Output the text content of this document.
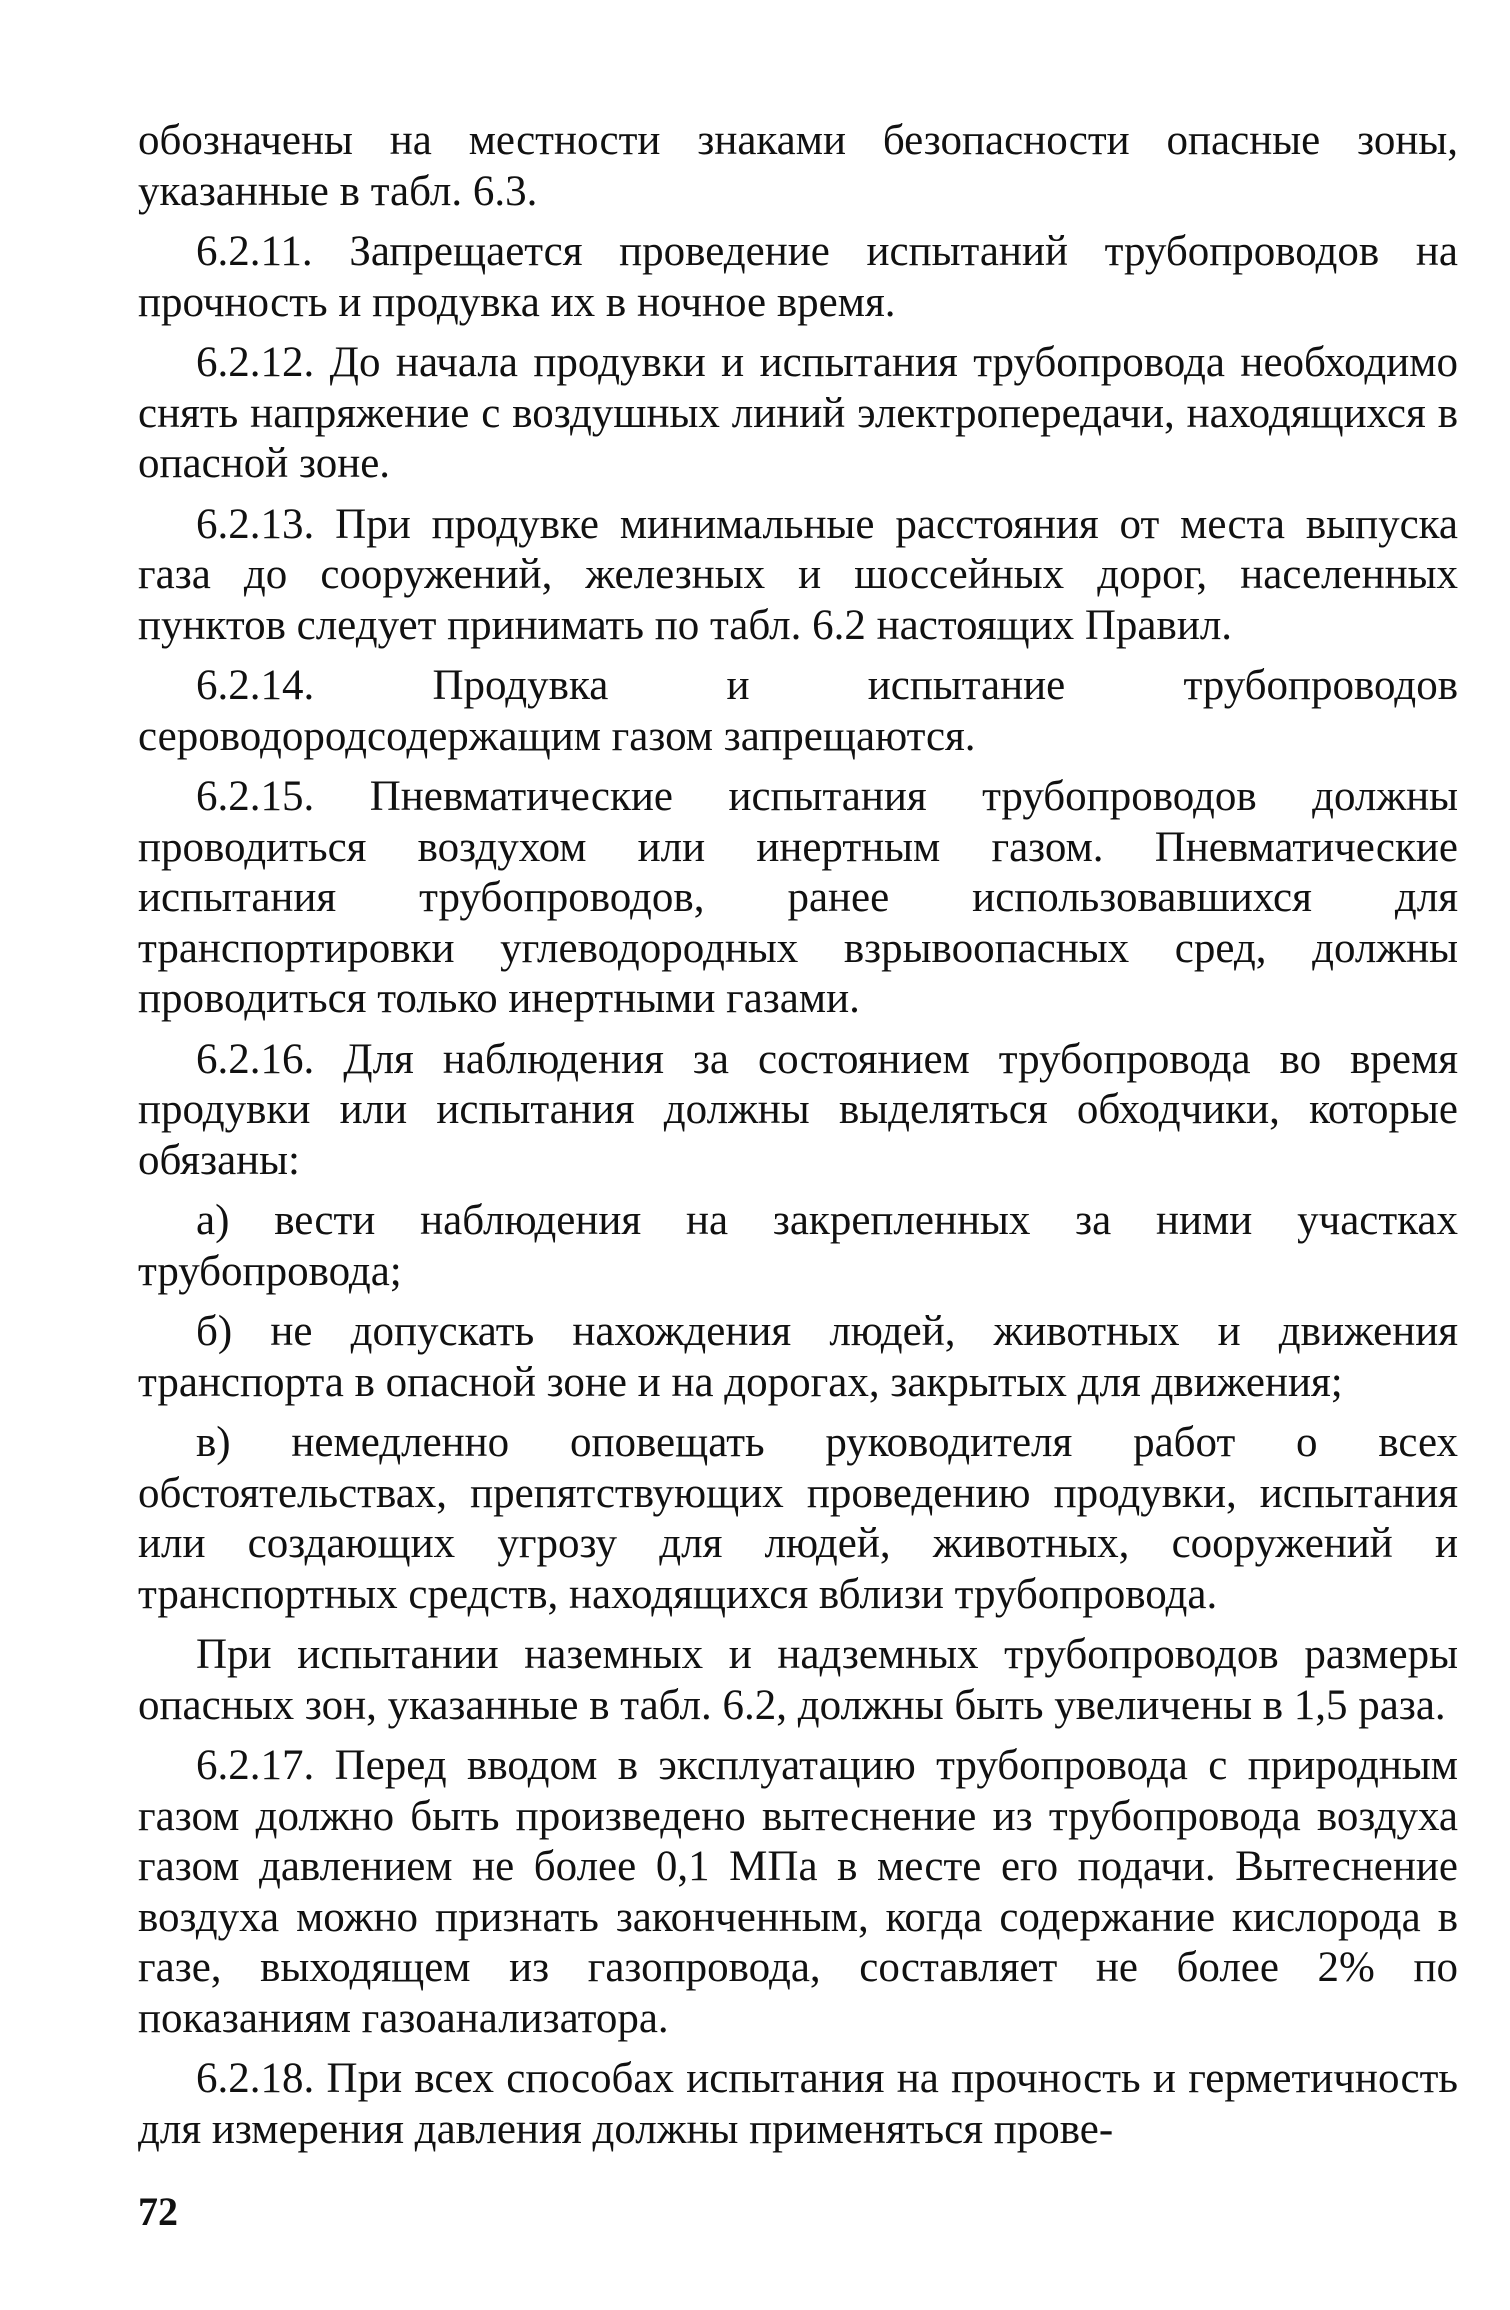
обозначены на местности знаками безопасности опасные зоны, указанные в табл. 6.3.

6.2.11. Запрещается проведение испытаний трубопроводов на прочность и продувка их в ночное время.

6.2.12. До начала продувки и испытания трубопровода необходимо снять напряжение с воздушных линий электропередачи, находящихся в опасной зоне.

6.2.13. При продувке минимальные расстояния от места выпуска газа до сооружений, железных и шоссейных дорог, населенных пунктов следует принимать по табл. 6.2 настоящих Правил.

6.2.14. Продувка и испытание трубопроводов сероводородсодержащим газом запрещаются.

6.2.15. Пневматические испытания трубопроводов должны проводиться воздухом или инертным газом. Пневматические испытания трубопроводов, ранее использовавшихся для транспортировки углеводородных взрывоопасных сред, должны проводиться только инертными газами.

6.2.16. Для наблюдения за состоянием трубопровода во время продувки или испытания должны выделяться обходчики, которые обязаны:

а) вести наблюдения на закрепленных за ними участках трубопровода;

б) не допускать нахождения людей, животных и движения транспорта в опасной зоне и на дорогах, закрытых для движения;

в) немедленно оповещать руководителя работ о всех обстоятельствах, препятствующих проведению продувки, испытания или создающих угрозу для людей, животных, сооружений и транспортных средств, находящихся вблизи трубопровода.

При испытании наземных и надземных трубопроводов размеры опасных зон, указанные в табл. 6.2, должны быть увеличены в 1,5 раза.

6.2.17. Перед вводом в эксплуатацию трубопровода с природным газом должно быть произведено вытеснение из трубопровода воздуха газом давлением не более 0,1 МПа в месте его подачи. Вытеснение воздуха можно признать законченным, когда содержание кислорода в газе, выходящем из газопровода, составляет не более 2% по показаниям газоанализатора.

6.2.18. При всех способах испытания на прочность и герметичность для измерения давления должны применяться прове-

72
